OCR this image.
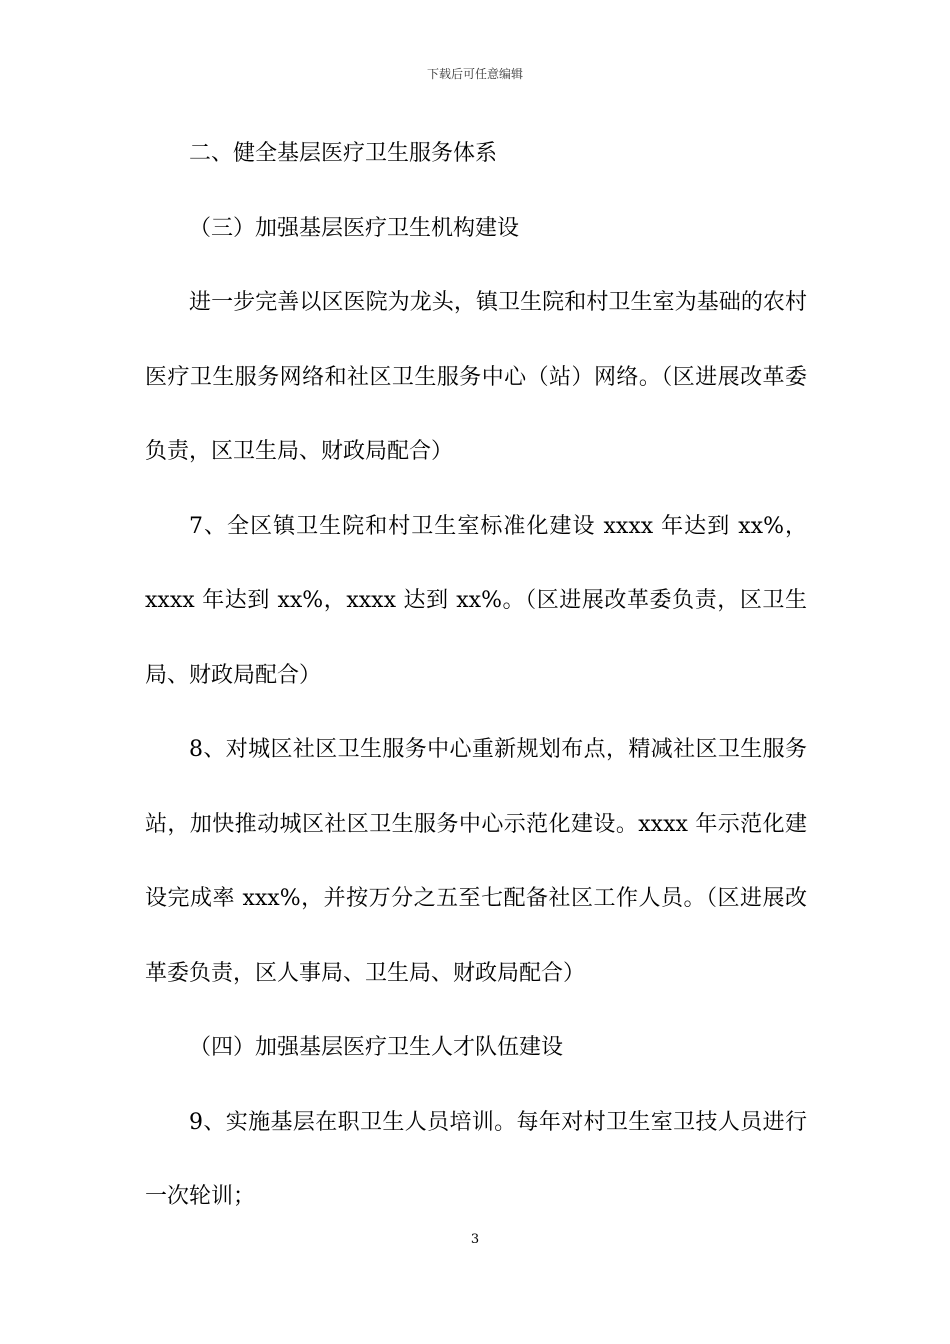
下载后可任意编辑

二、健全基层医疗卫生服务体系

（三）加强基层医疗卫生机构建设

进一步完善以区医院为龙头，镇卫生院和村卫生室为基础的农村医疗卫生服务网络和社区卫生服务中心（站）网络。（区进展改革委负责，区卫生局、财政局配合）

7、全区镇卫生院和村卫生室标准化建设 xxxx 年达到 xx%，xxxx 年达到 xx%，xxxx 达到 xx%。（区进展改革委负责，区卫生局、财政局配合）

8、对城区社区卫生服务中心重新规划布点，精减社区卫生服务站，加快推动城区社区卫生服务中心示范化建设。xxxx 年示范化建设完成率 xxx%，并按万分之五至七配备社区工作人员。（区进展改革委负责，区人事局、卫生局、财政局配合）

（四）加强基层医疗卫生人才队伍建设

9、实施基层在职卫生人员培训。每年对村卫生室卫技人员进行一次轮训；

3
